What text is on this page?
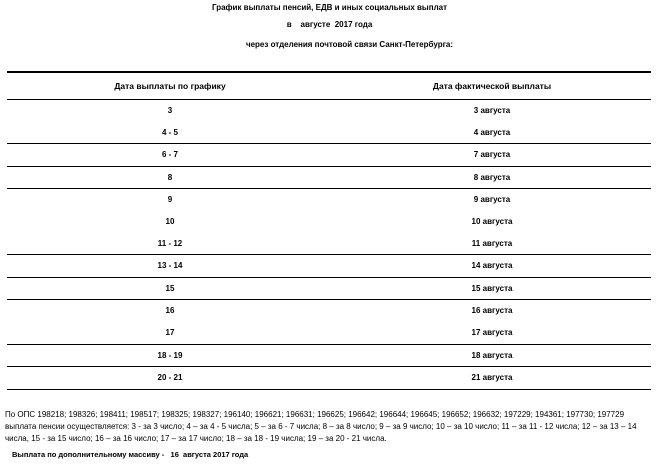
График выплаты пенсий, ЕДВ и иных социальных выплат
в    августе  2017 года
через отделения почтовой связи Санкт-Петербурга:
Дата выплаты по графику	Дата фактической выплаты
3	3 августа
4 - 5	4 августа
6 - 7	7 августа
8	8 августа
9	9 августа
10	10 августа
11 - 12	11 августа
13 - 14	14 августа
15	15 августа
16	16 августа
17	17 августа
18 - 19	18 августа
20 - 21	21 августа
По ОПС 198218; 198326; 198411; 198517; 198325; 198327; 196140; 196621; 196631; 196625; 196642; 196644; 196645; 196652; 196632; 197229; 194361; 197730; 197729 выплата пенсии осуществляется: 3 - за 3 число; 4 – за 4 - 5 числа; 5 – за 6 - 7 числа; 8 – за 8 число; 9 – за 9 число; 10 – за 10 число; 11 – за 11 - 12 числа; 12 – за 13 – 14 числа, 15 - за 15 число; 16 – за 16 число; 17 – за 17 число; 18 – за 18 - 19 числа; 19 – за 20 - 21 числа.
Выплата по дополнительному массиву -   16  августа 2017 года
